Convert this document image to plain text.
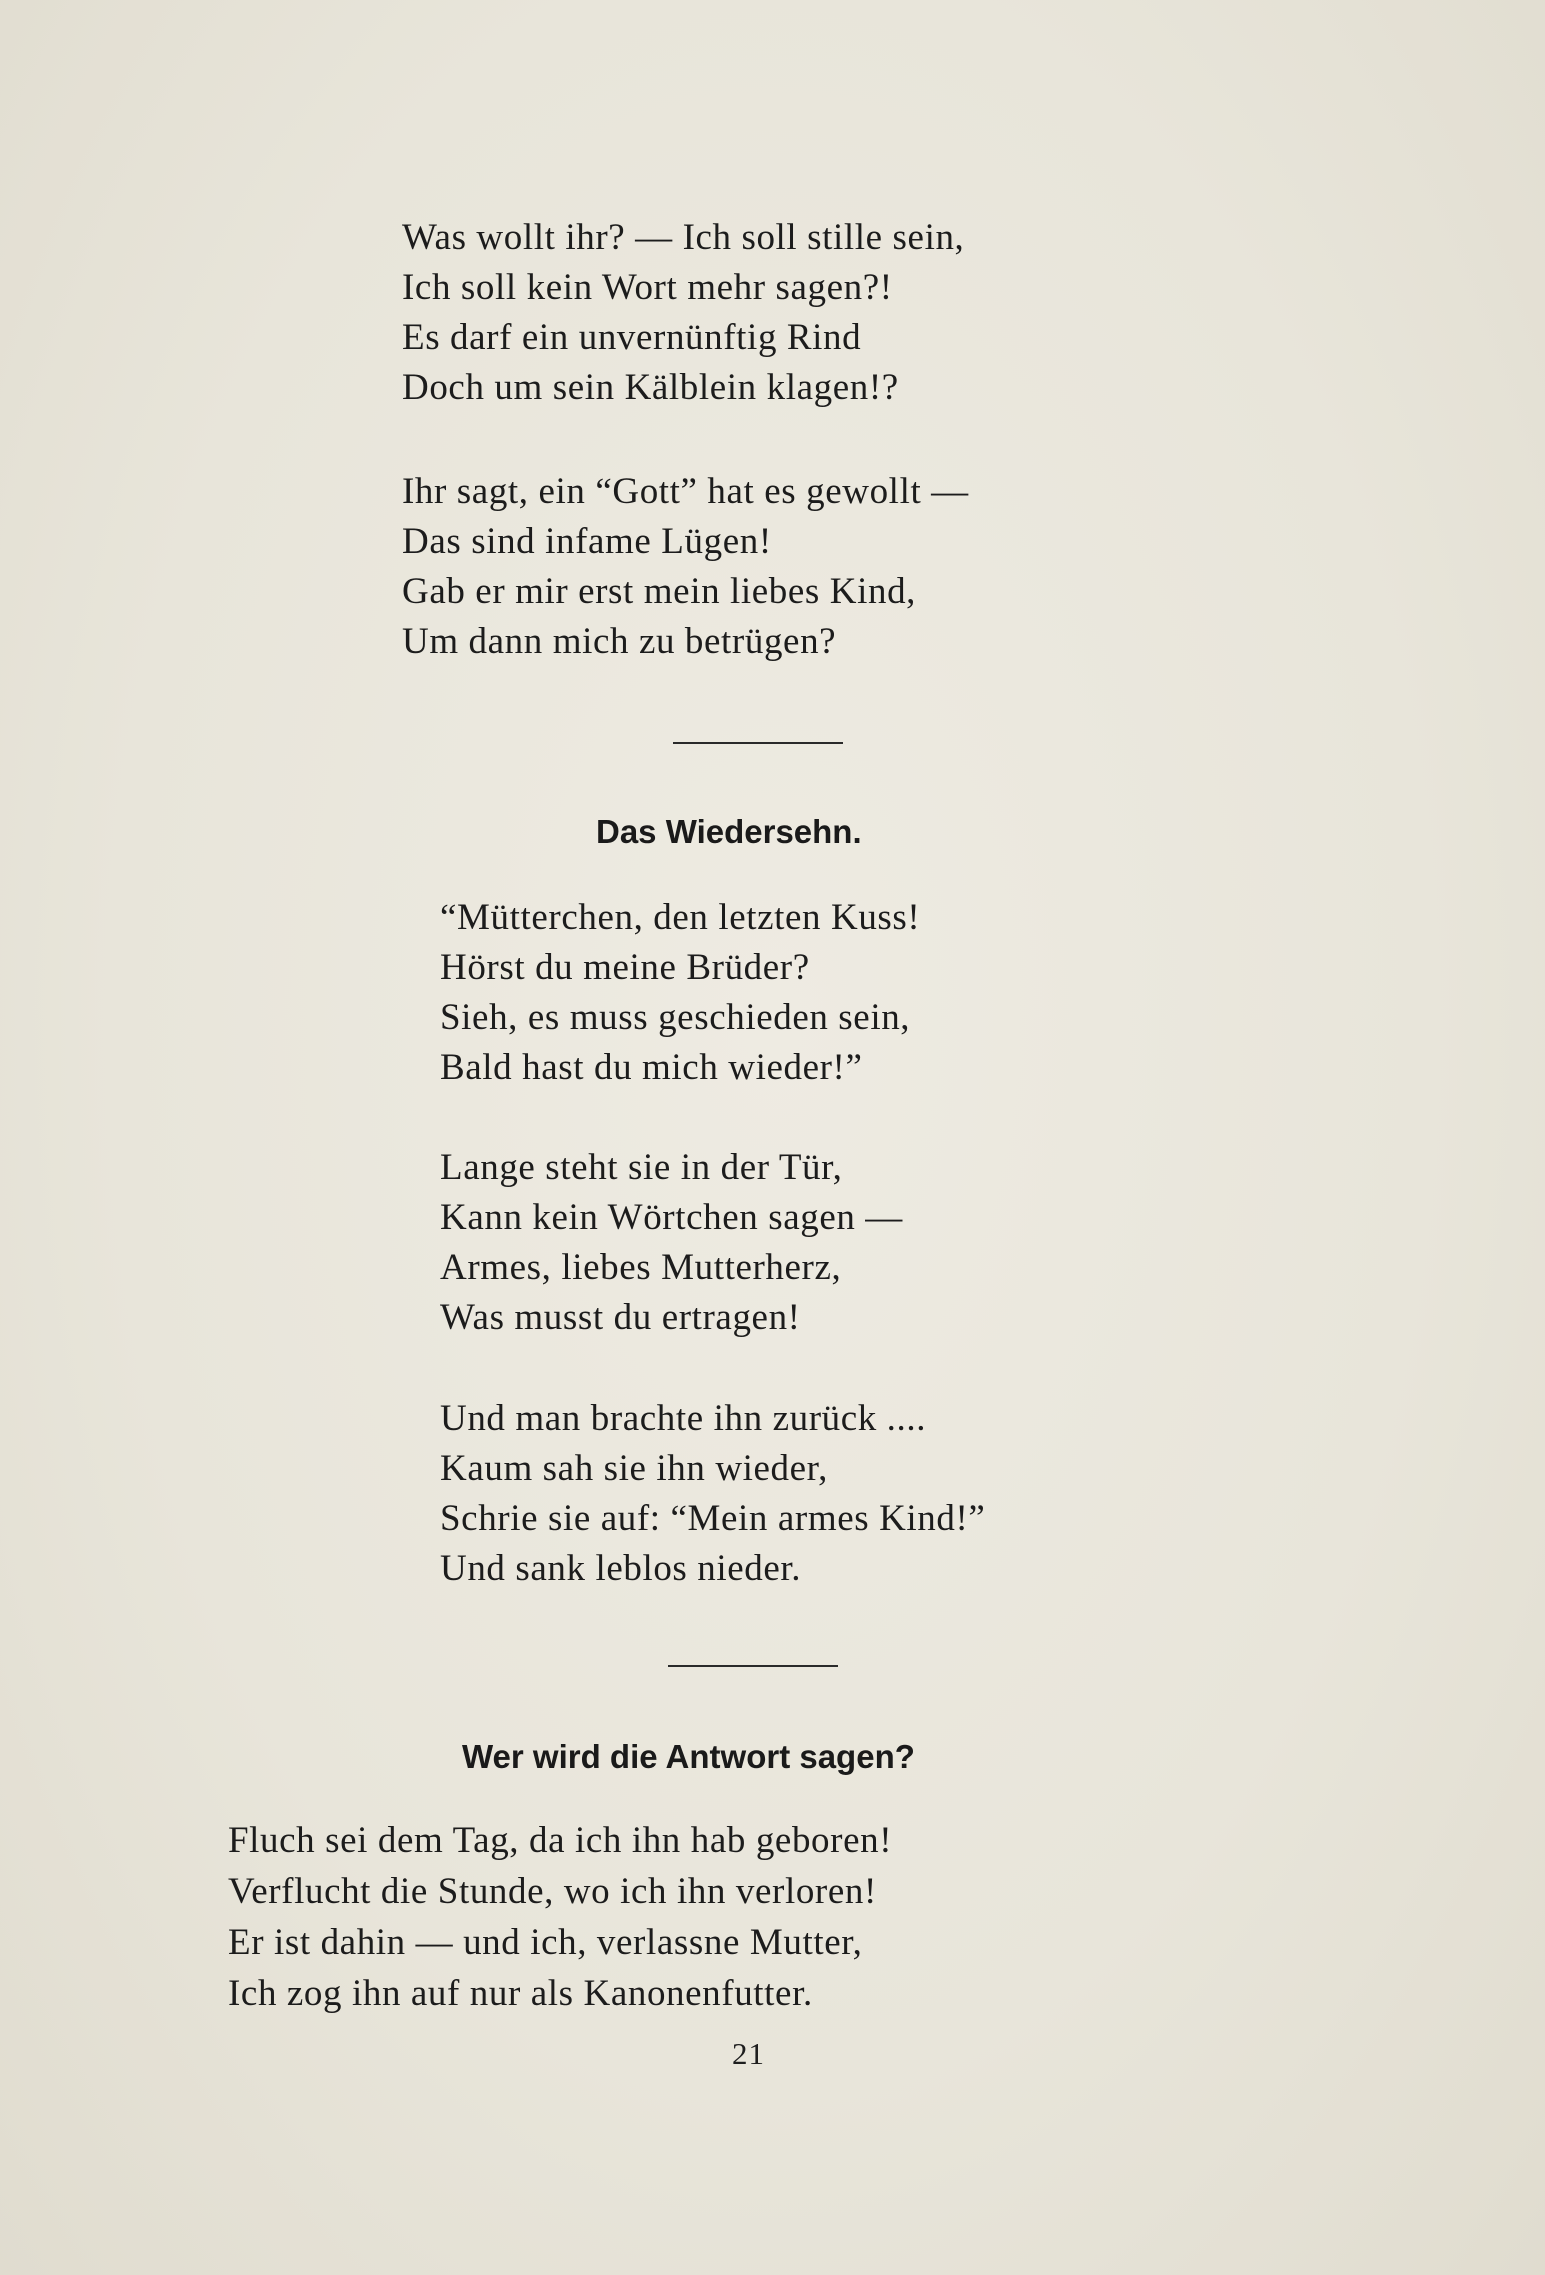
Was wollt ihr? — Ich soll stille sein,
Ich soll kein Wort mehr sagen?!
Es darf ein unvernünftig Rind
Doch um sein Kälblein klagen!?
Ihr sagt, ein “Gott” hat es gewollt —
Das sind infame Lügen!
Gab er mir erst mein liebes Kind,
Um dann mich zu betrügen?
Das Wiedersehn.
“Mütterchen, den letzten Kuss!
Hörst du meine Brüder?
Sieh, es muss geschieden sein,
Bald hast du mich wieder!”
Lange steht sie in der Tür,
Kann kein Wörtchen sagen —
Armes, liebes Mutterherz,
Was musst du ertragen!
Und man brachte ihn zurück ....
Kaum sah sie ihn wieder,
Schrie sie auf: “Mein armes Kind!”
Und sank leblos nieder.
Wer wird die Antwort sagen?
Fluch sei dem Tag, da ich ihn hab geboren!
Verflucht die Stunde, wo ich ihn verloren!
Er ist dahin — und ich, verlassne Mutter,
Ich zog ihn auf nur als Kanonenfutter.
21
